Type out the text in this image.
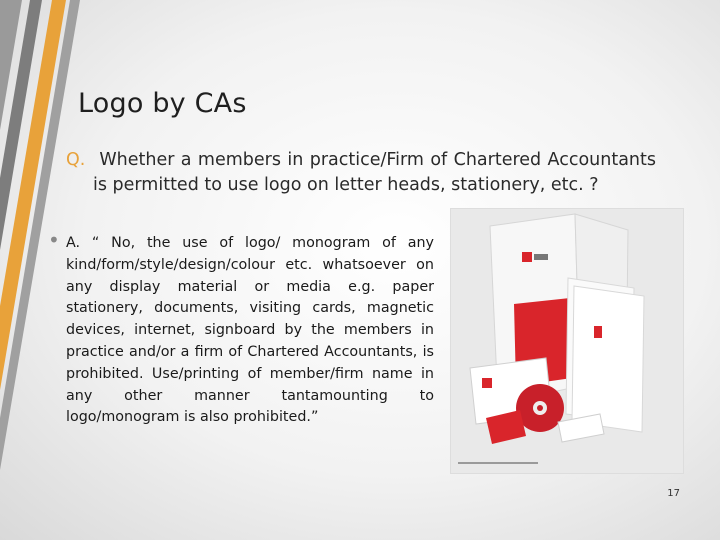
Logo by CAs
Q. Whether a members in practice/Firm of Chartered Accountants is permitted to use logo on letter heads, stationery, etc. ?
• A. “ No, the use of logo/ monogram of any kind/form/style/design/colour etc. whatsoever on any display material or media e.g. paper stationery, documents, visiting cards, magnetic devices, internet, signboard by the members in practice and/or a firm of Chartered Accountants, is prohibited. Use/printing of member/firm name in any other manner tantamounting to logo/monogram is also prohibited.”
17
